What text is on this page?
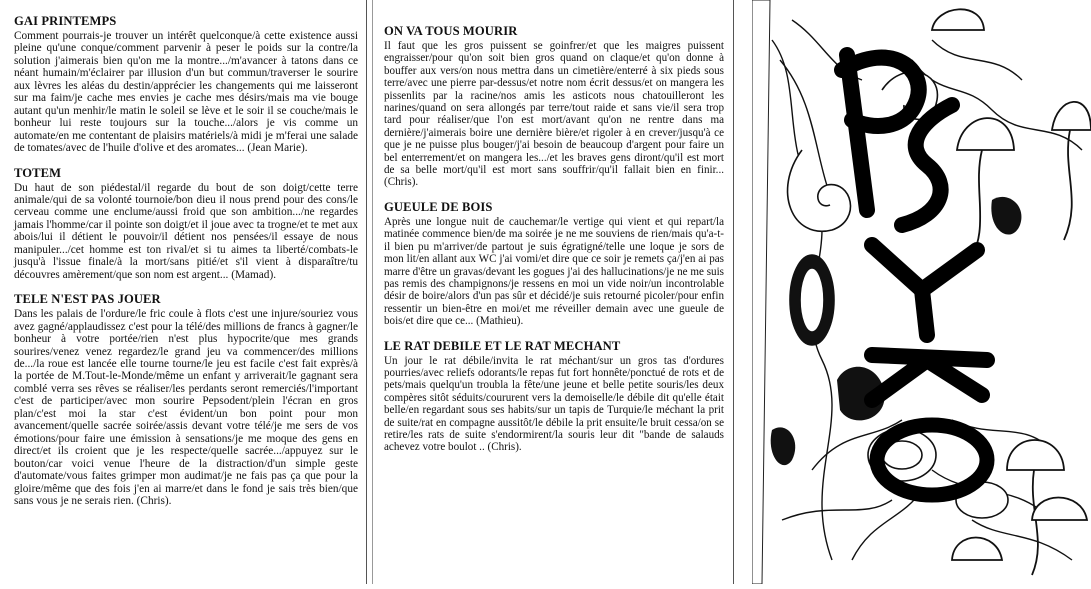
GAI PRINTEMPS

Comment pourrais-je trouver un intérêt quelconque/à cette existence aussi pleine qu'une conque/comment parvenir à peser le poids sur la contre/la solution j'aimerais bien qu'on me la montre.../m'avancer à tatons dans ce néant humain/m'éclairer par illusion d'un but commun/traverser le sourire aux lèvres les aléas du destin/apprécier les changements qui me laisseront sur ma faim/je cache mes envies je cache mes désirs/mais ma vie bouge autant qu'un menhir/le matin le soleil se lève et le soir il se couche/mais le bonheur lui reste toujours sur la touche.../alors je vis comme un automate/en me contentant de plaisirs matériels/à midi je m'ferai une salade de tomates/avec de l'huile d'olive et des aromates... (Jean Marie).

TOTEM

Du haut de son piédestal/il regarde du bout de son doigt/cette terre animale/qui de sa volonté tournoie/bon dieu il nous prend pour des cons/le cerveau comme une enclume/aussi froid que son ambition.../ne regardes jamais l'homme/car il pointe son doigt/et il joue avec ta trogne/et te met aux abois/lui il détient le pouvoir/il détient nos pensées/il essaye de nous manipuler.../cet homme est ton rival/et si tu aimes ta liberté/combats-le jusqu'à l'issue finale/à la mort/sans pitié/et s'il vient à disparaître/tu découvres amèrement/que son nom est argent... (Mamad).

TELE N'EST PAS JOUER

Dans les palais de l'ordure/le fric coule à flots c'est une injure/souriez vous avez gagné/applaudissez c'est pour la télé/des millions de francs à gagner/le bonheur à votre portée/rien n'est plus hypocrite/que mes grands sourires/venez venez regardez/le grand jeu va commencer/des millions de.../la roue est lancée elle tourne tourne/le jeu est facile c'est fait exprès/à la portée de M.Tout-le-Monde/même un enfant y arriverait/le gagnant sera comblé verra ses rêves se réaliser/les perdants seront remerciés/l'important c'est de participer/avec mon sourire Pepsodent/plein l'écran en gros plan/c'est moi la star c'est évident/un bon point pour mon avancement/quelle sacrée soirée/assis devant votre télé/je me sers de vos émotions/pour faire une émission à sensations/je me moque des gens en direct/et ils croient que je les respecte/quelle sacrée.../appuyez sur le bouton/car voici venue l'heure de la distraction/d'un simple geste d'automate/vous faites grimper mon audimat/je ne fais pas ça que pour la gloire/même que des fois j'en ai marre/et dans le fond je sais très bien/que sans vous je ne serais rien. (Chris).

ON VA TOUS MOURIR

Il faut que les gros puissent se goinfrer/et que les maigres puissent engraisser/pour qu'on soit bien gros quand on claque/et qu'on donne à bouffer aux vers/on nous mettra dans un cimetière/enterré à six pieds sous terre/avec une pierre par-dessus/et notre nom écrit dessus/et on mangera les pissenlits par la racine/nos amis les asticots nous chatouilleront les narines/quand on sera allongés par terre/tout raide et sans vie/il sera trop tard pour réaliser/que l'on est mort/avant qu'on ne rentre dans ma dernière/j'aimerais boire une dernière bière/et rigoler à en crever/jusqu'à ce que je ne puisse plus bouger/j'ai besoin de beaucoup d'argent pour faire un bel enterrement/et on mangera les.../et les braves gens diront/qu'il est mort de sa belle mort/qu'il est mort sans souffrir/qu'il fallait bien en finir... (Chris).

GUEULE DE BOIS

Après une longue nuit de cauchemar/le vertige qui vient et qui repart/la matinée commence bien/de ma soirée je ne me souviens de rien/mais qu'a-t-il bien pu m'arriver/de partout je suis égratigné/telle une loque je sors de mon lit/en allant aux WC j'ai vomi/et dire que ce soir je remets ça/j'en ai pas marre d'être un gravas/devant les gogues j'ai des hallucinations/je ne me suis pas remis des champignons/je ressens en moi un vide noir/un incontrolable désir de boire/alors d'un pas sûr et décidé/je suis retourné picoler/pour enfin ressentir un bien-être en moi/et me réveiller demain avec une gueule de bois/et dire que ce... (Mathieu).

LE RAT DEBILE ET LE RAT MECHANT

Un jour le rat débile/invita le rat méchant/sur un gros tas d'ordures pourries/avec reliefs odorants/le repas fut fort honnête/ponctué de rots et de pets/mais quelqu'un troubla la fête/une jeune et belle petite souris/les deux compères sitôt séduits/coururent vers la demoiselle/le débile dit qu'elle était belle/en regardant sous ses habits/sur un tapis de Turquie/le méchant la prit de suite/rat en compagne aussitôt/le débile la prit ensuite/le bruit cessa/on se retire/les rats de suite s'endormirent/la souris leur dit "bande de salauds achevez votre boulot .. (Chris).
